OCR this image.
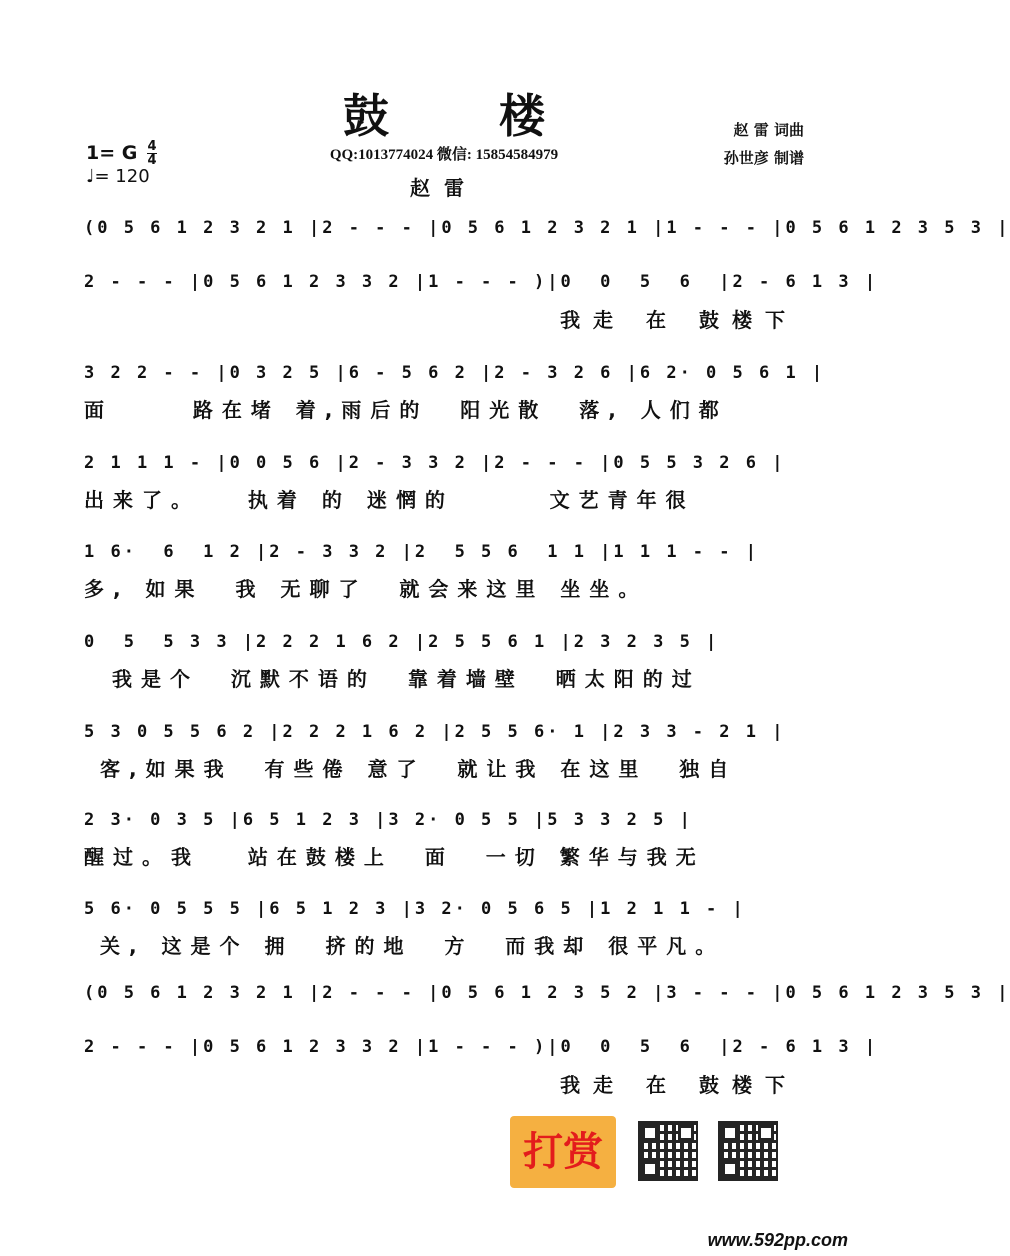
鼓楼
QQ:1013774024 微信: 15854584979
赵雷
赵 雷 词曲
孙世彦 制谱
1= G 4
4
♩= 120
(0 5 6 1 2 3 2 1 |2 - - - |0 5 6 1 2 3 2 1 |1 - - - |0 5 6 1 2 3 5 3 |
2 - - - |0 5 6 1 2 3 3 2 |1 - - - )|0  0  5  6  |2 - 6 1 3 |
我走 在 鼓楼下
3 2 2 - - |0 3 2 5 |6 - 5 6 2 |2 - 3 2 6 |6 2· 0 5 6 1 |
面     路在堵 着,雨后的  阳光散  落, 人们都
2 1 1 1 - |0 0 5 6 |2 - 3 3 2 |2 - - - |0 5 5 3 2 6 |
出来了。   执着 的 迷惘的      文艺青年很
1 6·  6  1 2 |2 - 3 3 2 |2  5 5 6  1 1 |1 1 1 - - |
多, 如果  我 无聊了  就会来这里 坐坐。
0  5  5 3 3 |2 2 2 1 6 2 |2 5 5 6 1 |2 3 2 3 5 |
我是个  沉默不语的  靠着墙壁  晒太阳的过
5 3 0 5 5 6 2 |2 2 2 1 6 2 |2 5 5 6· 1 |2 3 3 - 2 1 |
客,如果我  有些倦 意了  就让我 在这里  独自
2 3· 0 3 5 |6 5 1 2 3 |3 2· 0 5 5 |5 3 3 2 5 |
醒过。我   站在鼓楼上  面  一切 繁华与我无
5 6· 0 5 5 5 |6 5 1 2 3 |3 2· 0 5 6 5 |1 2 1 1 - |
关, 这是个 拥  挤的地  方  而我却 很平凡。
(0 5 6 1 2 3 2 1 |2 - - - |0 5 6 1 2 3 5 2 |3 - - - |0 5 6 1 2 3 5 3 |
2 - - - |0 5 6 1 2 3 3 2 |1 - - - )|0  0  5  6  |2 - 6 1 3 |
我走 在 鼓楼下
打赏
www.592pp.com
